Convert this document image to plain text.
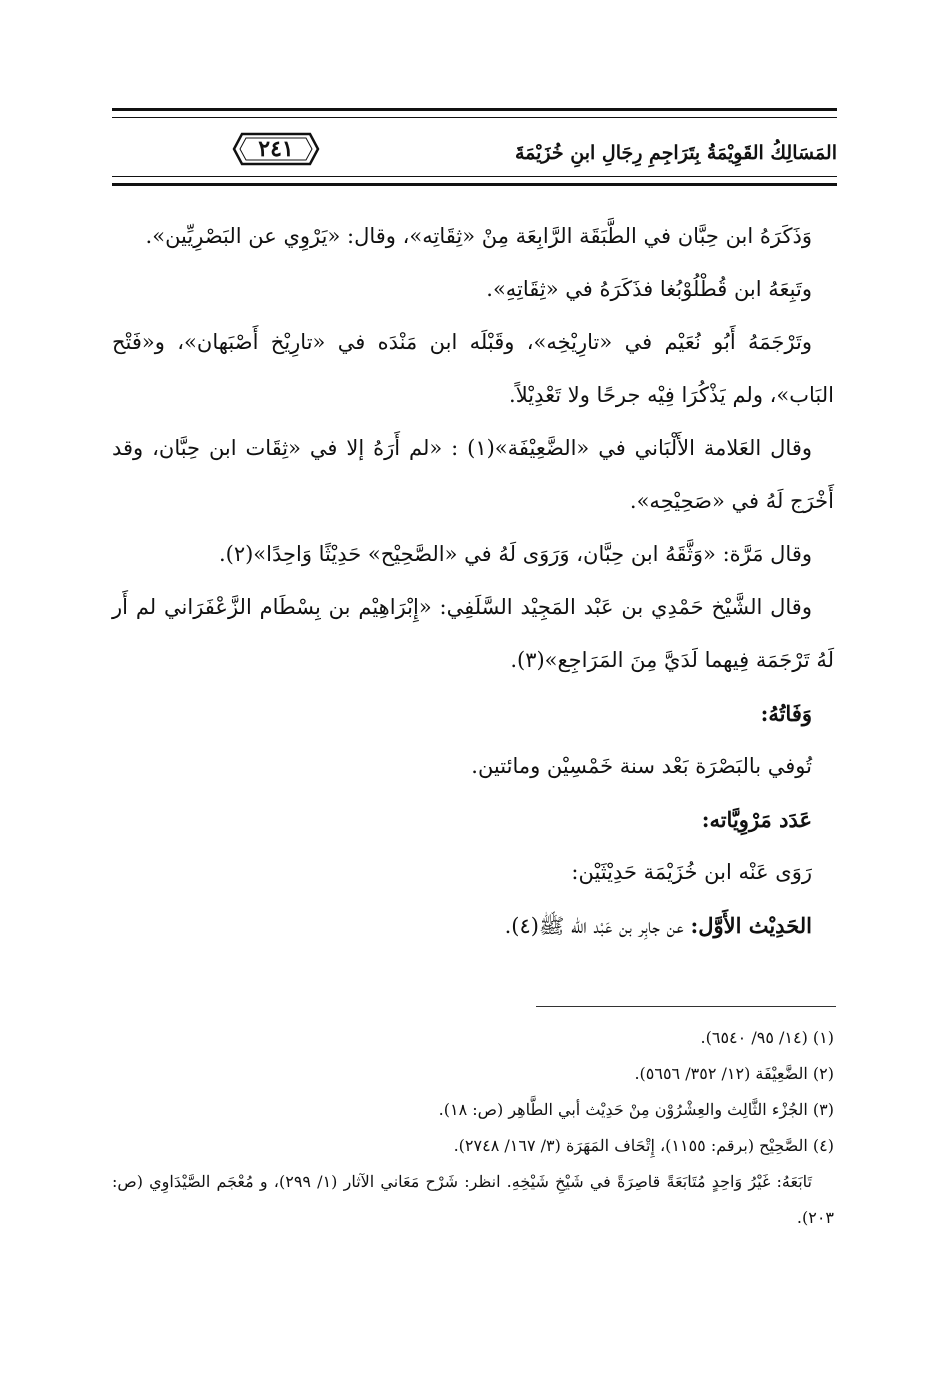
٢٤١	المَسَالِكُ القَوِيْمَةُ بِتَرَاجِمِ رِجَالِ ابنِ خُزَيْمَةَ

وَذَكَرَهُ ابن حِبَّان في الطَّبَقَة الرَّابِعَة مِنْ «ثِقَاتِه»، وقال: «يَرْوِي عن البَصْرِيِّين».

وتَبِعَهُ ابن قُطْلُوْبُغا فذَكَرَهُ في «ثِقَاتِهِ».

وتَرْجَمَهُ أَبُو نُعَيْم في «تارِيْخِه»، وقَبْلَه ابن مَنْدَه في «تارِيْخ أَصْبَهان»، و«فَتْح البَاب»، ولم يَذْكُرَا فِيْه جرحًا ولا تَعْدِيْلاً.

وقال العَلامة الأَلْبَاني في «الضَّعِيْفَة»(١) : «لم أَرَهُ إلا في «ثِقَات ابن حِبَّان، وقد أَخْرَج لَهُ في «صَحِيْحِه».

وقال مَرَّة: «وَثَّقَهُ ابن حِبَّان، وَرَوَى لَهُ في «الصَّحِيْح» حَدِيْثًا وَاحِدًا»(٢).

وقال الشَّيْخ حَمْدِي بن عَبْد المَجِيْد السَّلَفِي: «إِبْرَاهِيْم بن بِسْطَام الزَّعْفَرَاني لم أَر لَهُ تَرْجَمَة فِيهما لَدَيَّ مِنَ المَرَاجِع»(٣).

وَفَاتُهُ:

تُوفي بالبَصْرَة بَعْد سنة خَمْسِيْن ومائتين.

عَدَد مَرْوِيَّاته:

رَوَى عَنْه ابن خُزَيْمَة حَدِيْثَيْن:

الحَدِيْث الأَوَّل: عن جابِر بن عَبْد الله ﷺ(٤).

(١) (١٤/ ٩٥/ ٦٥٤٠).

(٢) الضَّعِيْفَة (١٢/ ٣٥٢/ ٥٦٥٦).

(٣) الجُزْء الثَّالِث والعِشْرُوْن مِنْ حَدِيْث أبي الطَّاهِر (ص: ١٨).

(٤) الصَّحِيْح (برقم: ١١٥٥)، إِتْحَاف المَهَرَة (٣/ ١٦٧/ ٢٧٤٨).

تَابَعَهُ: غَيْرُ وَاحِدٍ مُتَابَعَةً قاصِرَةً في شَيْخِ شَيْخِهِ. انظر: شَرْح مَعَاني الآثار (١/ ٢٩٩)، و مُعْجَم الصَّيْدَاوِي (ص: ٢٠٣).
